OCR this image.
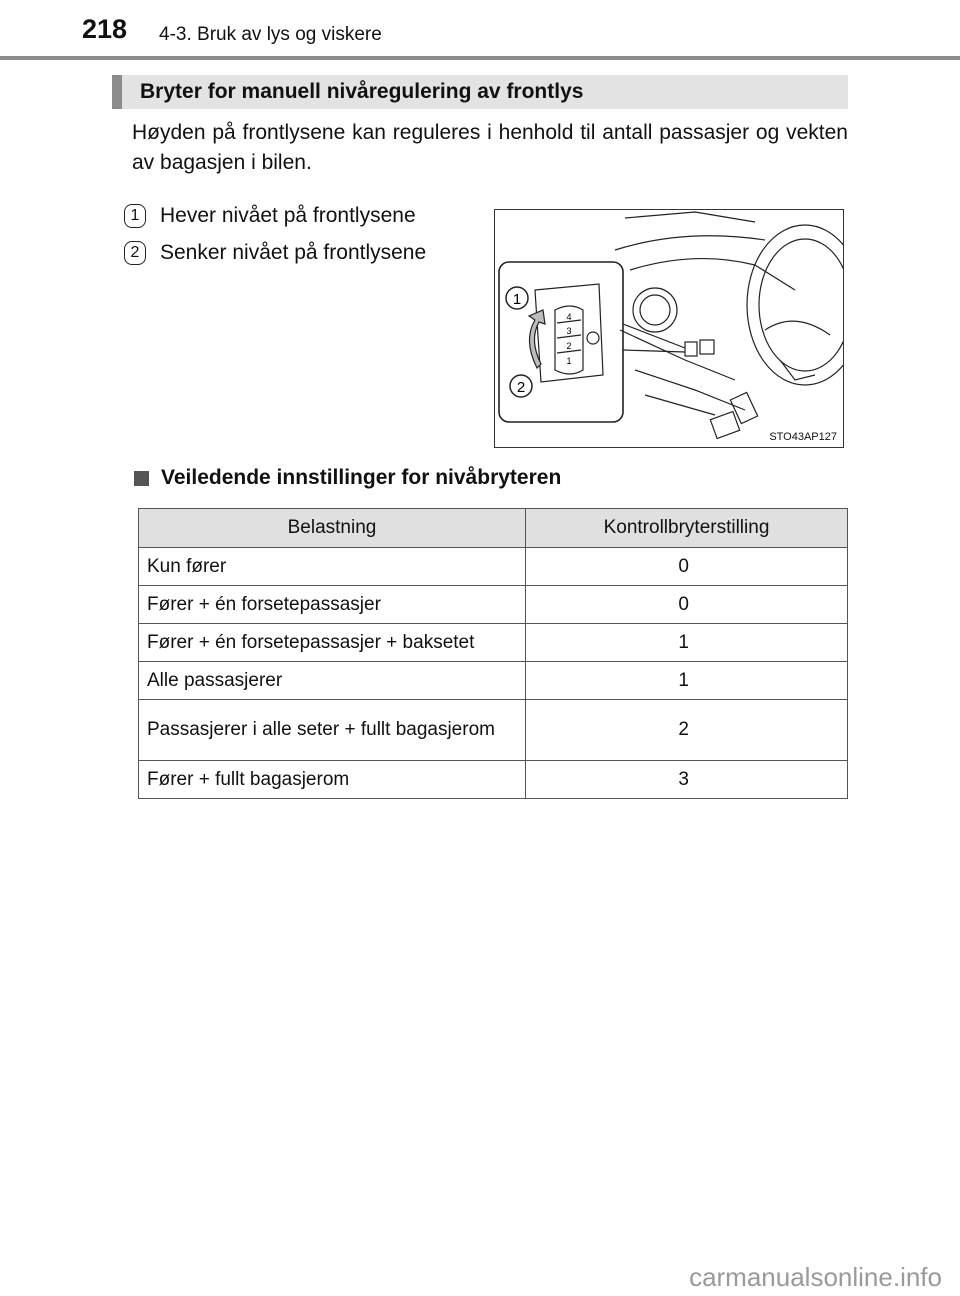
218 4-3. Bruk av lys og viskere
Bryter for manuell nivåregulering av frontlys
Høyden på frontlysene kan reguleres i henhold til antall passasjer og vekten av bagasjen i bilen.
1 Hever nivået på frontlysene
2 Senker nivået på frontlysene
1
2
4
3
2
1
STO43AP127
Veiledende innstillinger for nivåbryteren
Belastning	Kontrollbryterstilling
Kun fører	0
Fører + én forsetepassasjer	0
Fører + én forsetepassasjer + baksetet	1
Alle passasjerer	1
Passasjerer i alle seter + fullt bagasjerom	2
Fører + fullt bagasjerom	3
carmanualsonline.info
